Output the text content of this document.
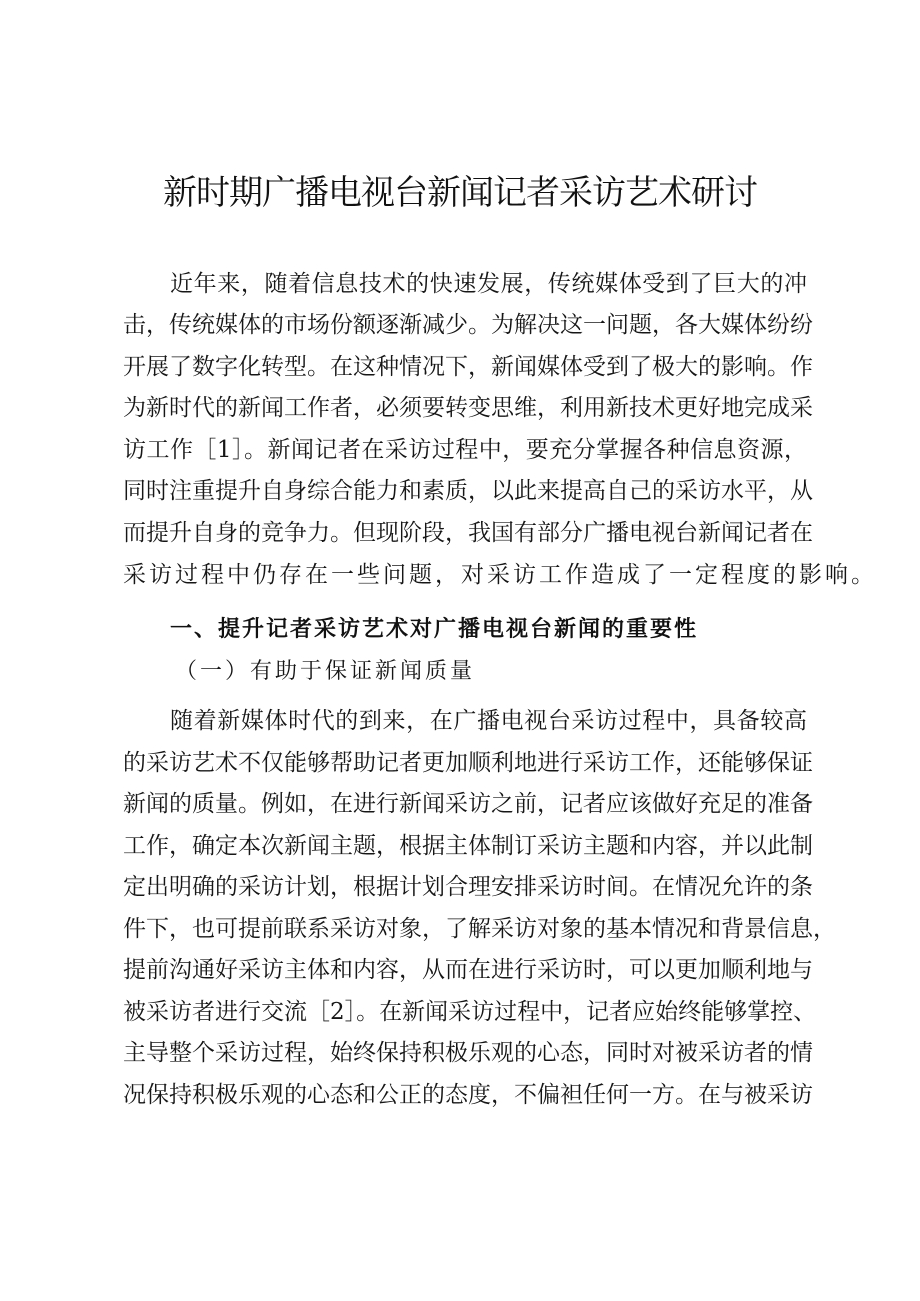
新时期广播电视台新闻记者采访艺术研讨
近年来，随着信息技术的快速发展，传统媒体受到了巨大的冲
击，传统媒体的市场份额逐渐减少。为解决这一问题，各大媒体纷纷
开展了数字化转型。在这种情况下，新闻媒体受到了极大的影响。作
为新时代的新闻工作者，必须要转变思维，利用新技术更好地完成采
访工作［1］。新闻记者在采访过程中，要充分掌握各种信息资源，
同时注重提升自身综合能力和素质，以此来提高自己的采访水平，从
而提升自身的竞争力。但现阶段，我国有部分广播电视台新闻记者在
采访过程中仍存在一些问题，对采访工作造成了一定程度的影响。
一、提升记者采访艺术对广播电视台新闻的重要性
（一）有助于保证新闻质量
随着新媒体时代的到来，在广播电视台采访过程中，具备较高
的采访艺术不仅能够帮助记者更加顺利地进行采访工作，还能够保证
新闻的质量。例如，在进行新闻采访之前，记者应该做好充足的准备
工作，确定本次新闻主题，根据主体制订采访主题和内容，并以此制
定出明确的采访计划，根据计划合理安排采访时间。在情况允许的条
件下，也可提前联系采访对象，了解采访对象的基本情况和背景信息，
提前沟通好采访主体和内容，从而在进行采访时，可以更加顺利地与
被采访者进行交流［2］。在新闻采访过程中，记者应始终能够掌控、
主导整个采访过程，始终保持积极乐观的心态，同时对被采访者的情
况保持积极乐观的心态和公正的态度，不偏袒任何一方。在与被采访
